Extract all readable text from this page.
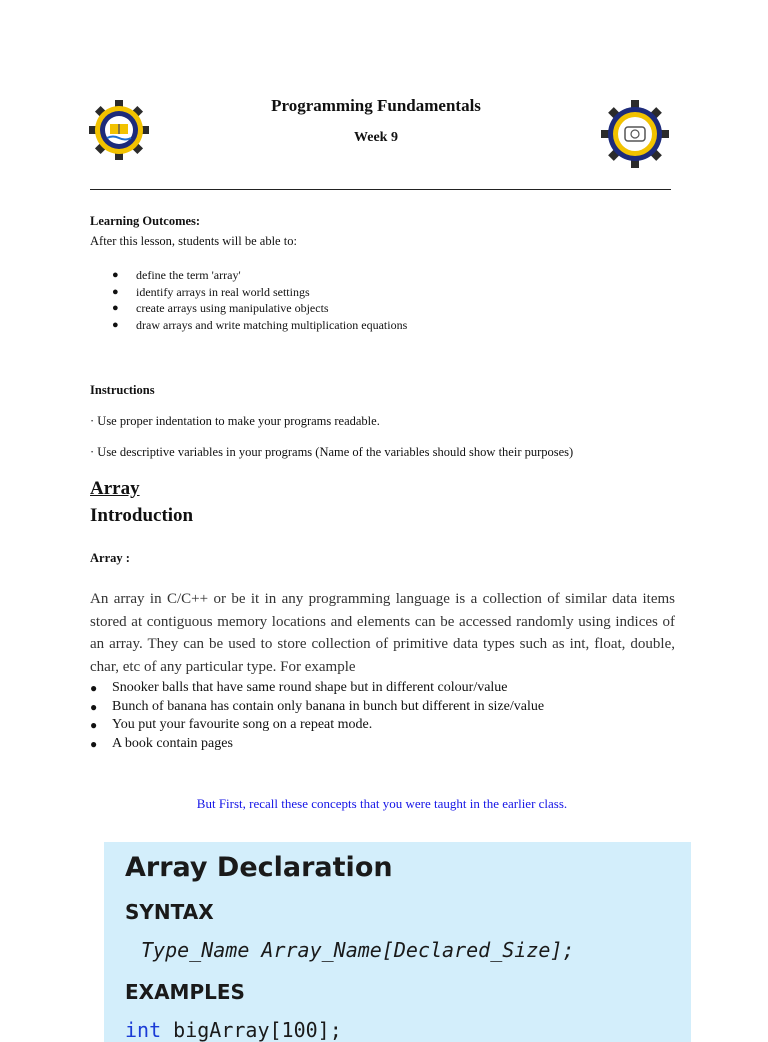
Programming Fundamentals
Week 9
Learning Outcomes:
After this lesson, students will be able to:
● define the term 'array'
● identify arrays in real world settings
● create arrays using manipulative objects
● draw arrays and write matching multiplication equations
Instructions
· Use proper indentation to make your programs readable.
· Use descriptive variables in your programs (Name of the variables should show their purposes)
Array
Introduction
Array :
An array in C/C++ or be it in any programming language is a collection of similar data items stored at contiguous memory locations and elements can be accessed randomly using indices of an array. They can be used to store collection of primitive data types such as int, float, double, char, etc of any particular type. For example
● Snooker balls that have same round shape but in different colour/value
● Bunch of banana has contain only banana in bunch but different in size/value
● You put your favourite song on a repeat mode.
● A book contain pages
But First, recall these concepts that you were taught in the earlier class.
Array Declaration
SYNTAX
Type_Name Array_Name[Declared_Size];
EXAMPLES
int bigArray[100];
